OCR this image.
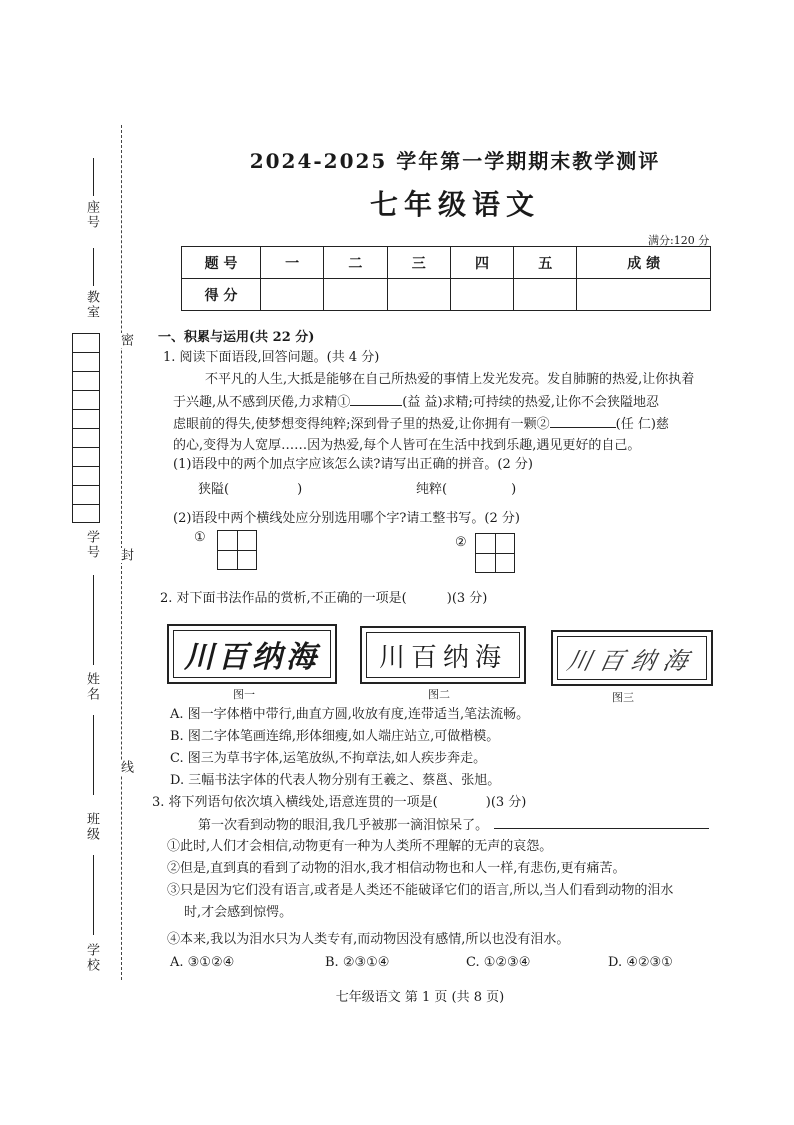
座号
教室
学号
姓名
班级
学校
密
封
线
2024-2025 学年第一学期期末教学测评
七年级语文
满分:120 分
题 号	一	二	三	四	五	成 绩
得 分						
一、积累与运用(共 22 分)
1. 阅读下面语段,回答问题。(共 4 分)
不平凡的人生,大抵是能够在自己所热爱的事情上发光发亮。发自肺腑的热爱,让你执着
于兴趣,从不感到厌倦,力求精①	(益 益)求精;可持续的热爱,让你不会狭隘地忍
虑眼前的得失,使梦想变得纯粹;深到骨子里的热爱,让你拥有一颗②	(任 仁)慈
的心,变得为人宽厚……因为热爱,每个人皆可在生活中找到乐趣,遇见更好的自己。
(1)语段中的两个加点字应该怎么读?请写出正确的拼音。(2 分)
狭隘(	)	纯粹(	)
(2)语段中两个横线处应分别选用哪个字?请工整书写。(2 分)
①	②
2. 对下面书法作品的赏析,不正确的一项是(	)(3 分)
川百纳海 川百纳海 川百纳海
图一	图二	图三
A. 图一字体楷中带行,曲直方圆,收放有度,连带适当,笔法流畅。
B. 图二字体笔画连绵,形体细瘦,如人端庄站立,可做楷模。
C. 图三为草书字体,运笔放纵,不拘章法,如人疾步奔走。
D. 三幅书法字体的代表人物分别有王羲之、蔡邕、张旭。
3. 将下列语句依次填入横线处,语意连贯的一项是(	)(3 分)
第一次看到动物的眼泪,我几乎被那一滴泪惊呆了。
①此时,人们才会相信,动物更有一种为人类所不理解的无声的哀怨。
②但是,直到真的看到了动物的泪水,我才相信动物也和人一样,有悲伤,更有痛苦。
③只是因为它们没有语言,或者是人类还不能破译它们的语言,所以,当人们看到动物的泪水
时,才会感到惊愕。
④本来,我以为泪水只为人类专有,而动物因没有感情,所以也没有泪水。
A. ③①②④	B. ②③①④	C. ①②③④	D. ④②③①
七年级语文 第 1 页 (共 8 页)
